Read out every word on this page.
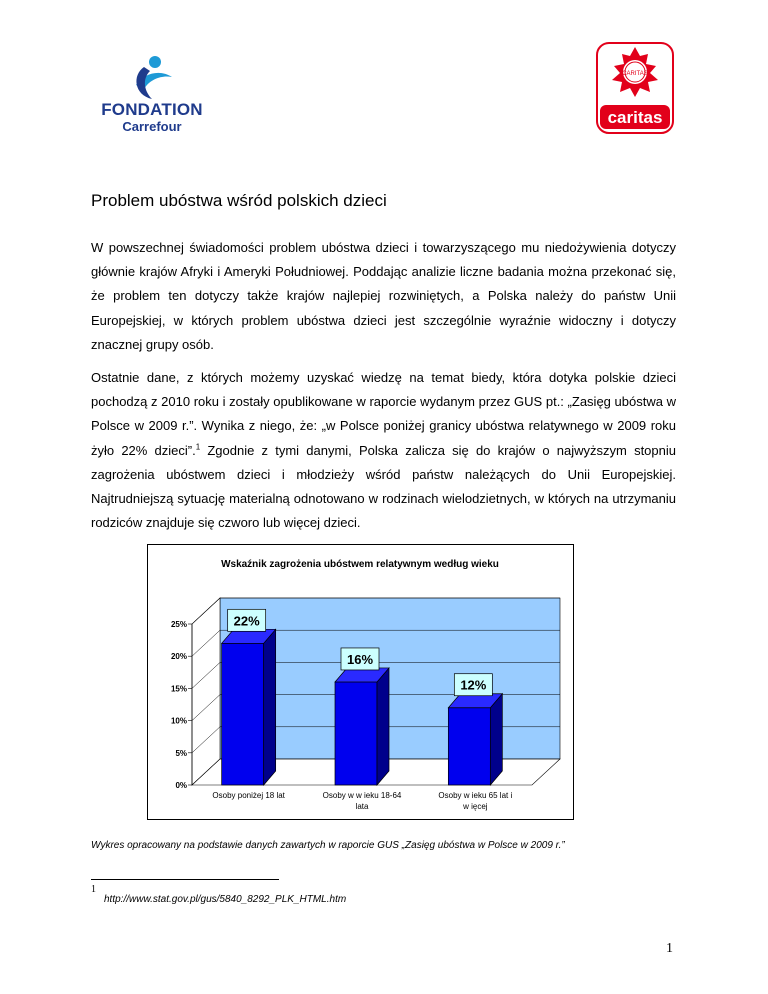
FONDATION
Carrefour
CARITAS
caritas
Problem ubóstwa wśród polskich dzieci
W powszechnej świadomości problem ubóstwa dzieci i towarzyszącego mu niedożywienia dotyczy głównie krajów Afryki i Ameryki Południowej. Poddając analizie liczne badania można przekonać się, że problem ten dotyczy także krajów najlepiej rozwiniętych, a Polska należy do państw Unii Europejskiej, w których problem ubóstwa dzieci jest szczególnie wyraźnie widoczny i dotyczy znacznej grupy osób.
Ostatnie dane, z których możemy uzyskać wiedzę na temat biedy, która dotyka polskie dzieci pochodzą z 2010 roku i zostały opublikowane w raporcie wydanym przez GUS pt.: „Zasięg ubóstwa w Polsce w 2009 r.”. Wynika z niego, że: „w Polsce poniżej granicy ubóstwa relatywnego w 2009 roku żyło 22% dzieci”.$^1$ Zgodnie z tymi danymi, Polska zalicza się do krajów o najwyższym stopniu zagrożenia ubóstwem dzieci i młodzieży wśród państw należących do Unii Europejskiej. Najtrudniejszą sytuację materialną odnotowano w rodzinach wielodzietnych, w których na utrzymaniu rodziców znajduje się czworo lub więcej dzieci.
Wskaźnik zagrożenia ubóstwem relatywnym według wieku
0%
5%
10%
15%
20%
25%	22%
Osoby poniżej 18 lat
16%
Osoby w w ieku 18-64
lata
12%
Osoby w ieku 65 lat i
w ięcej
Wykres opracowany na podstawie danych zawartych w raporcie GUS „Zasięg ubóstwa w Polsce w 2009 r.”
1
http://www.stat.gov.pl/gus/5840_8292_PLK_HTML.htm
1
